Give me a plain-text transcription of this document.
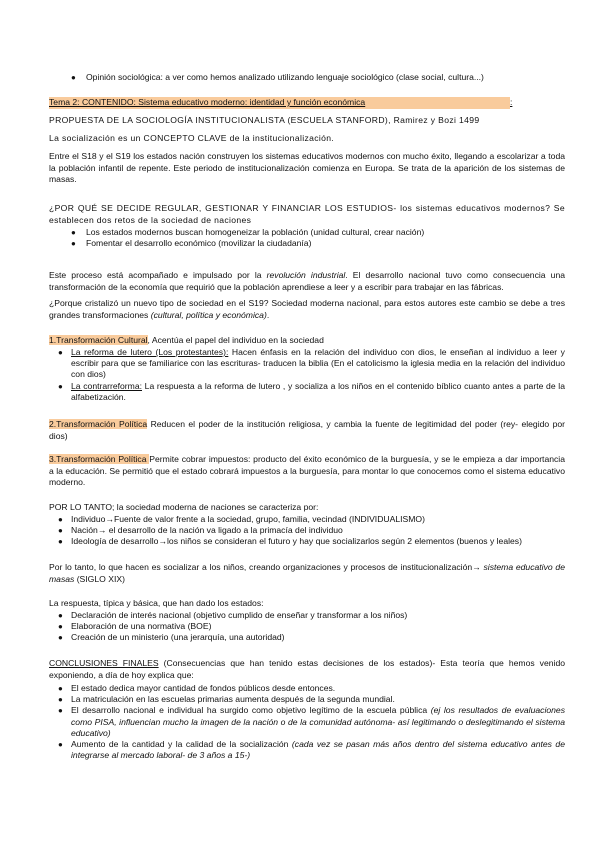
● Opinión sociológica: a ver como hemos analizado utilizando lenguaje sociológico (clase social, cultura...)

Tema 2: CONTENIDO: Sistema educativo moderno: identidad y función económica	:

PROPUESTA DE LA SOCIOLOGÍA INSTITUCIONALISTA (ESCUELA STANFORD), Ramirez y Bozi 1499

La socialización es un CONCEPTO CLAVE de la institucionalización.

Entre el S18 y el S19 los estados nación construyen los sistemas educativos modernos con mucho éxito, llegando a escolarizar a toda la población infantil de repente. Este periodo de institucionalización comienza en Europa. Se trata de la aparición de los sistemas de masas.

¿POR QUÉ SE DECIDE REGULAR, GESTIONAR Y FINANCIAR LOS ESTUDIOS- los sistemas educativos modernos? Se establecen dos retos de la sociedad de naciones

● Los estados modernos buscan homogeneizar la población (unidad cultural, crear nación)
● Fomentar el desarrollo económico (movilizar la ciudadanía)

Este proceso está acompañado e impulsado por la revolución industrial. El desarrollo nacional tuvo como consecuencia una transformación de la economía que requirió que la población aprendiese a leer y a escribir para trabajar en las fábricas.

¿Porque cristalizó un nuevo tipo de sociedad en el S19? Sociedad moderna nacional, para estos autores este cambio se debe a tres grandes transformaciones (cultural, política y económica).

1.Transformación Cultural, Acentúa el papel del individuo en la sociedad

● La reforma de lutero (Los protestantes): Hacen énfasis en la relación del individuo con dios, le enseñan al individuo a leer y escribir para que se familiarice con las escrituras- traducen la biblia (En el catolicismo la iglesia media en la relación del individuo con dios)
● La contrarreforma: La respuesta a la reforma de lutero , y socializa a los niños en el contenido bíblico cuanto antes a parte de la alfabetización.

2.Transformación Política Reducen el poder de la institución religiosa, y cambia la fuente de legitimidad del poder (rey- elegido por dios)

3.Transformación Política Permite cobrar impuestos: producto del éxito económico de la burguesía, y se le empieza a dar importancia a la educación. Se permitió que el estado cobrará impuestos a la burguesía, para montar lo que conocemos como el sistema educativo moderno.

POR LO TANTO; la sociedad moderna de naciones se caracteriza por:

● Individuo→Fuente de valor frente a la sociedad, grupo, familia, vecindad (INDIVIDUALISMO)
● Nación→ el desarrollo de la nación va ligado a la primacía del individuo
● Ideología de desarrollo→los niños se consideran el futuro y hay que socializarlos según 2 elementos (buenos y leales)

Por lo tanto, lo que hacen es socializar a los niños, creando organizaciones y procesos de institucionalización→ sistema educativo de masas (SIGLO XIX)

La respuesta, típica y básica, que han dado los estados:

● Declaración de interés nacional (objetivo cumplido de enseñar y transformar a los niños)
● Elaboración de una normativa (BOE)
● Creación de un ministerio (una jerarquía, una autoridad)

CONCLUSIONES FINALES (Consecuencias que han tenido estas decisiones de los estados)- Esta teoría que hemos venido exponiendo, a día de hoy explica que:

● El estado dedica mayor cantidad de fondos públicos desde entonces.
● La matriculación en las escuelas primarias aumenta después de la segunda mundial.
● El desarrollo nacional e individual ha surgido como objetivo legítimo de la escuela pública (ej los resultados de evaluaciones como PISA, influencian mucho la imagen de la nación o de la comunidad autónoma- así legitimando o deslegitimando el sistema educativo)
● Aumento de la cantidad y la calidad de la socialización (cada vez se pasan más años dentro del sistema educativo antes de integrarse al mercado laboral- de 3 años a 15-)
